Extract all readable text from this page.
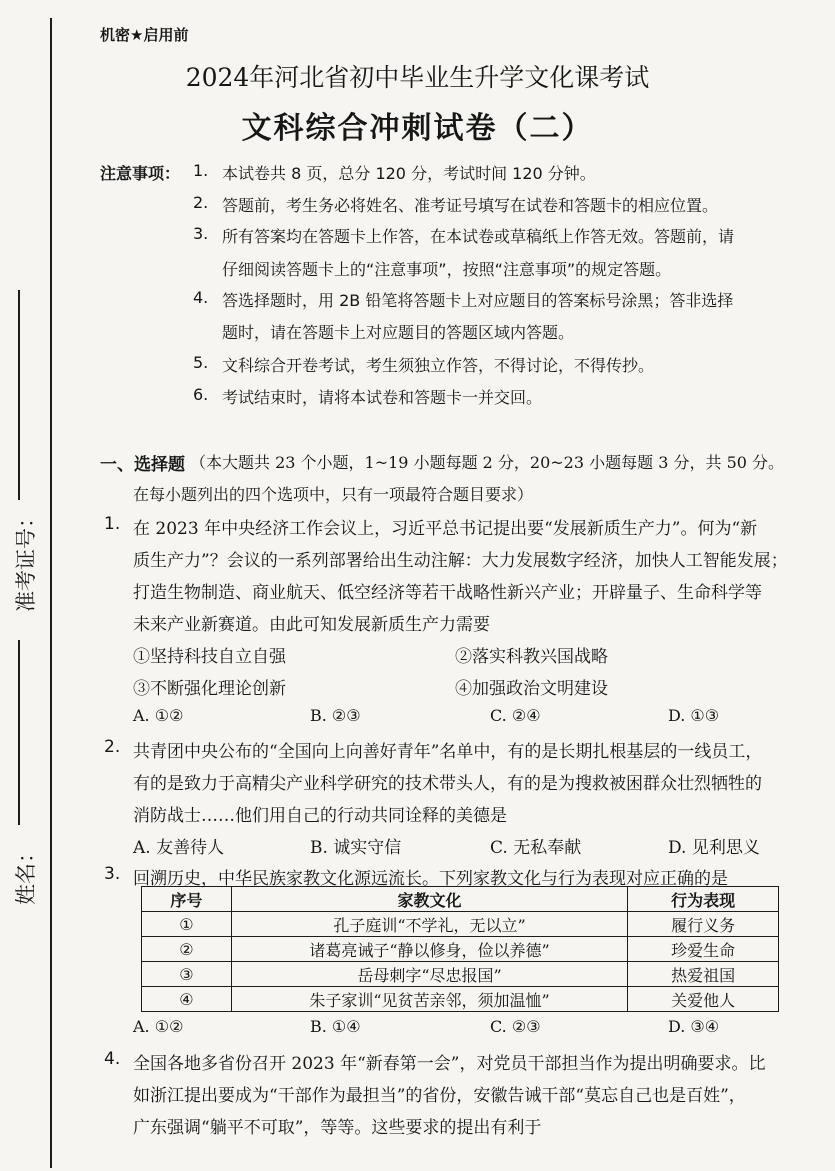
准考证号：
姓名：
机密★启用前
2024年河北省初中毕业生升学文化课考试
文科综合冲刺试卷（二）
注意事项： 1. 本试卷共 8 页，总分 120 分，考试时间 120 分钟。
2. 答题前，考生务必将姓名、准考证号填写在试卷和答题卡的相应位置。
3. 所有答案均在答题卡上作答，在本试卷或草稿纸上作答无效。答题前，请
仔细阅读答题卡上的“注意事项”，按照“注意事项”的规定答题。
4. 答选择题时，用 2B 铅笔将答题卡上对应题目的答案标号涂黑；答非选择
题时，请在答题卡上对应题目的答题区域内答题。
5. 文科综合开卷考试，考生须独立作答，不得讨论，不得传抄。
6. 考试结束时，请将本试卷和答题卡一并交回。
一、选择题 （本大题共 23 个小题，1~19 小题每题 2 分，20~23 小题每题 3 分，共 50 分。
在每小题列出的四个选项中，只有一项最符合题目要求）
1. 在 2023 年中央经济工作会议上，习近平总书记提出要“发展新质生产力”。何为“新
质生产力”？会议的一系列部署给出生动注解：大力发展数字经济，加快人工智能发展；
打造生物制造、商业航天、低空经济等若干战略性新兴产业；开辟量子、生命科学等
未来产业新赛道。由此可知发展新质生产力需要
①坚持科技自立自强	②落实科教兴国战略
③不断强化理论创新	④加强政治文明建设
A. ①②	B. ②③	C. ②④	D. ①③
2. 共青团中央公布的“全国向上向善好青年”名单中，有的是长期扎根基层的一线员工，
有的是致力于高精尖产业科学研究的技术带头人，有的是为搜救被困群众壮烈牺牲的
消防战士……他们用自己的行动共同诠释的美德是
A. 友善待人	B. 诚实守信	C. 无私奉献	D. 见利思义
3. 回溯历史，中华民族家教文化源远流长。下列家教文化与行为表现对应正确的是
序号	家教文化	行为表现
①	孔子庭训“不学礼，无以立”	履行义务
②	诸葛亮诫子“静以修身，俭以养德”	珍爱生命
③	岳母刺字“尽忠报国”	热爱祖国
④	朱子家训“见贫苦亲邻，须加温恤”	关爱他人
A. ①②	B. ①④	C. ②③	D. ③④
4. 全国各地多省份召开 2023 年“新春第一会”，对党员干部担当作为提出明确要求。比
如浙江提出要成为“干部作为最担当”的省份，安徽告诫干部“莫忘自己也是百姓”，
广东强调“躺平不可取”，等等。这些要求的提出有利于
